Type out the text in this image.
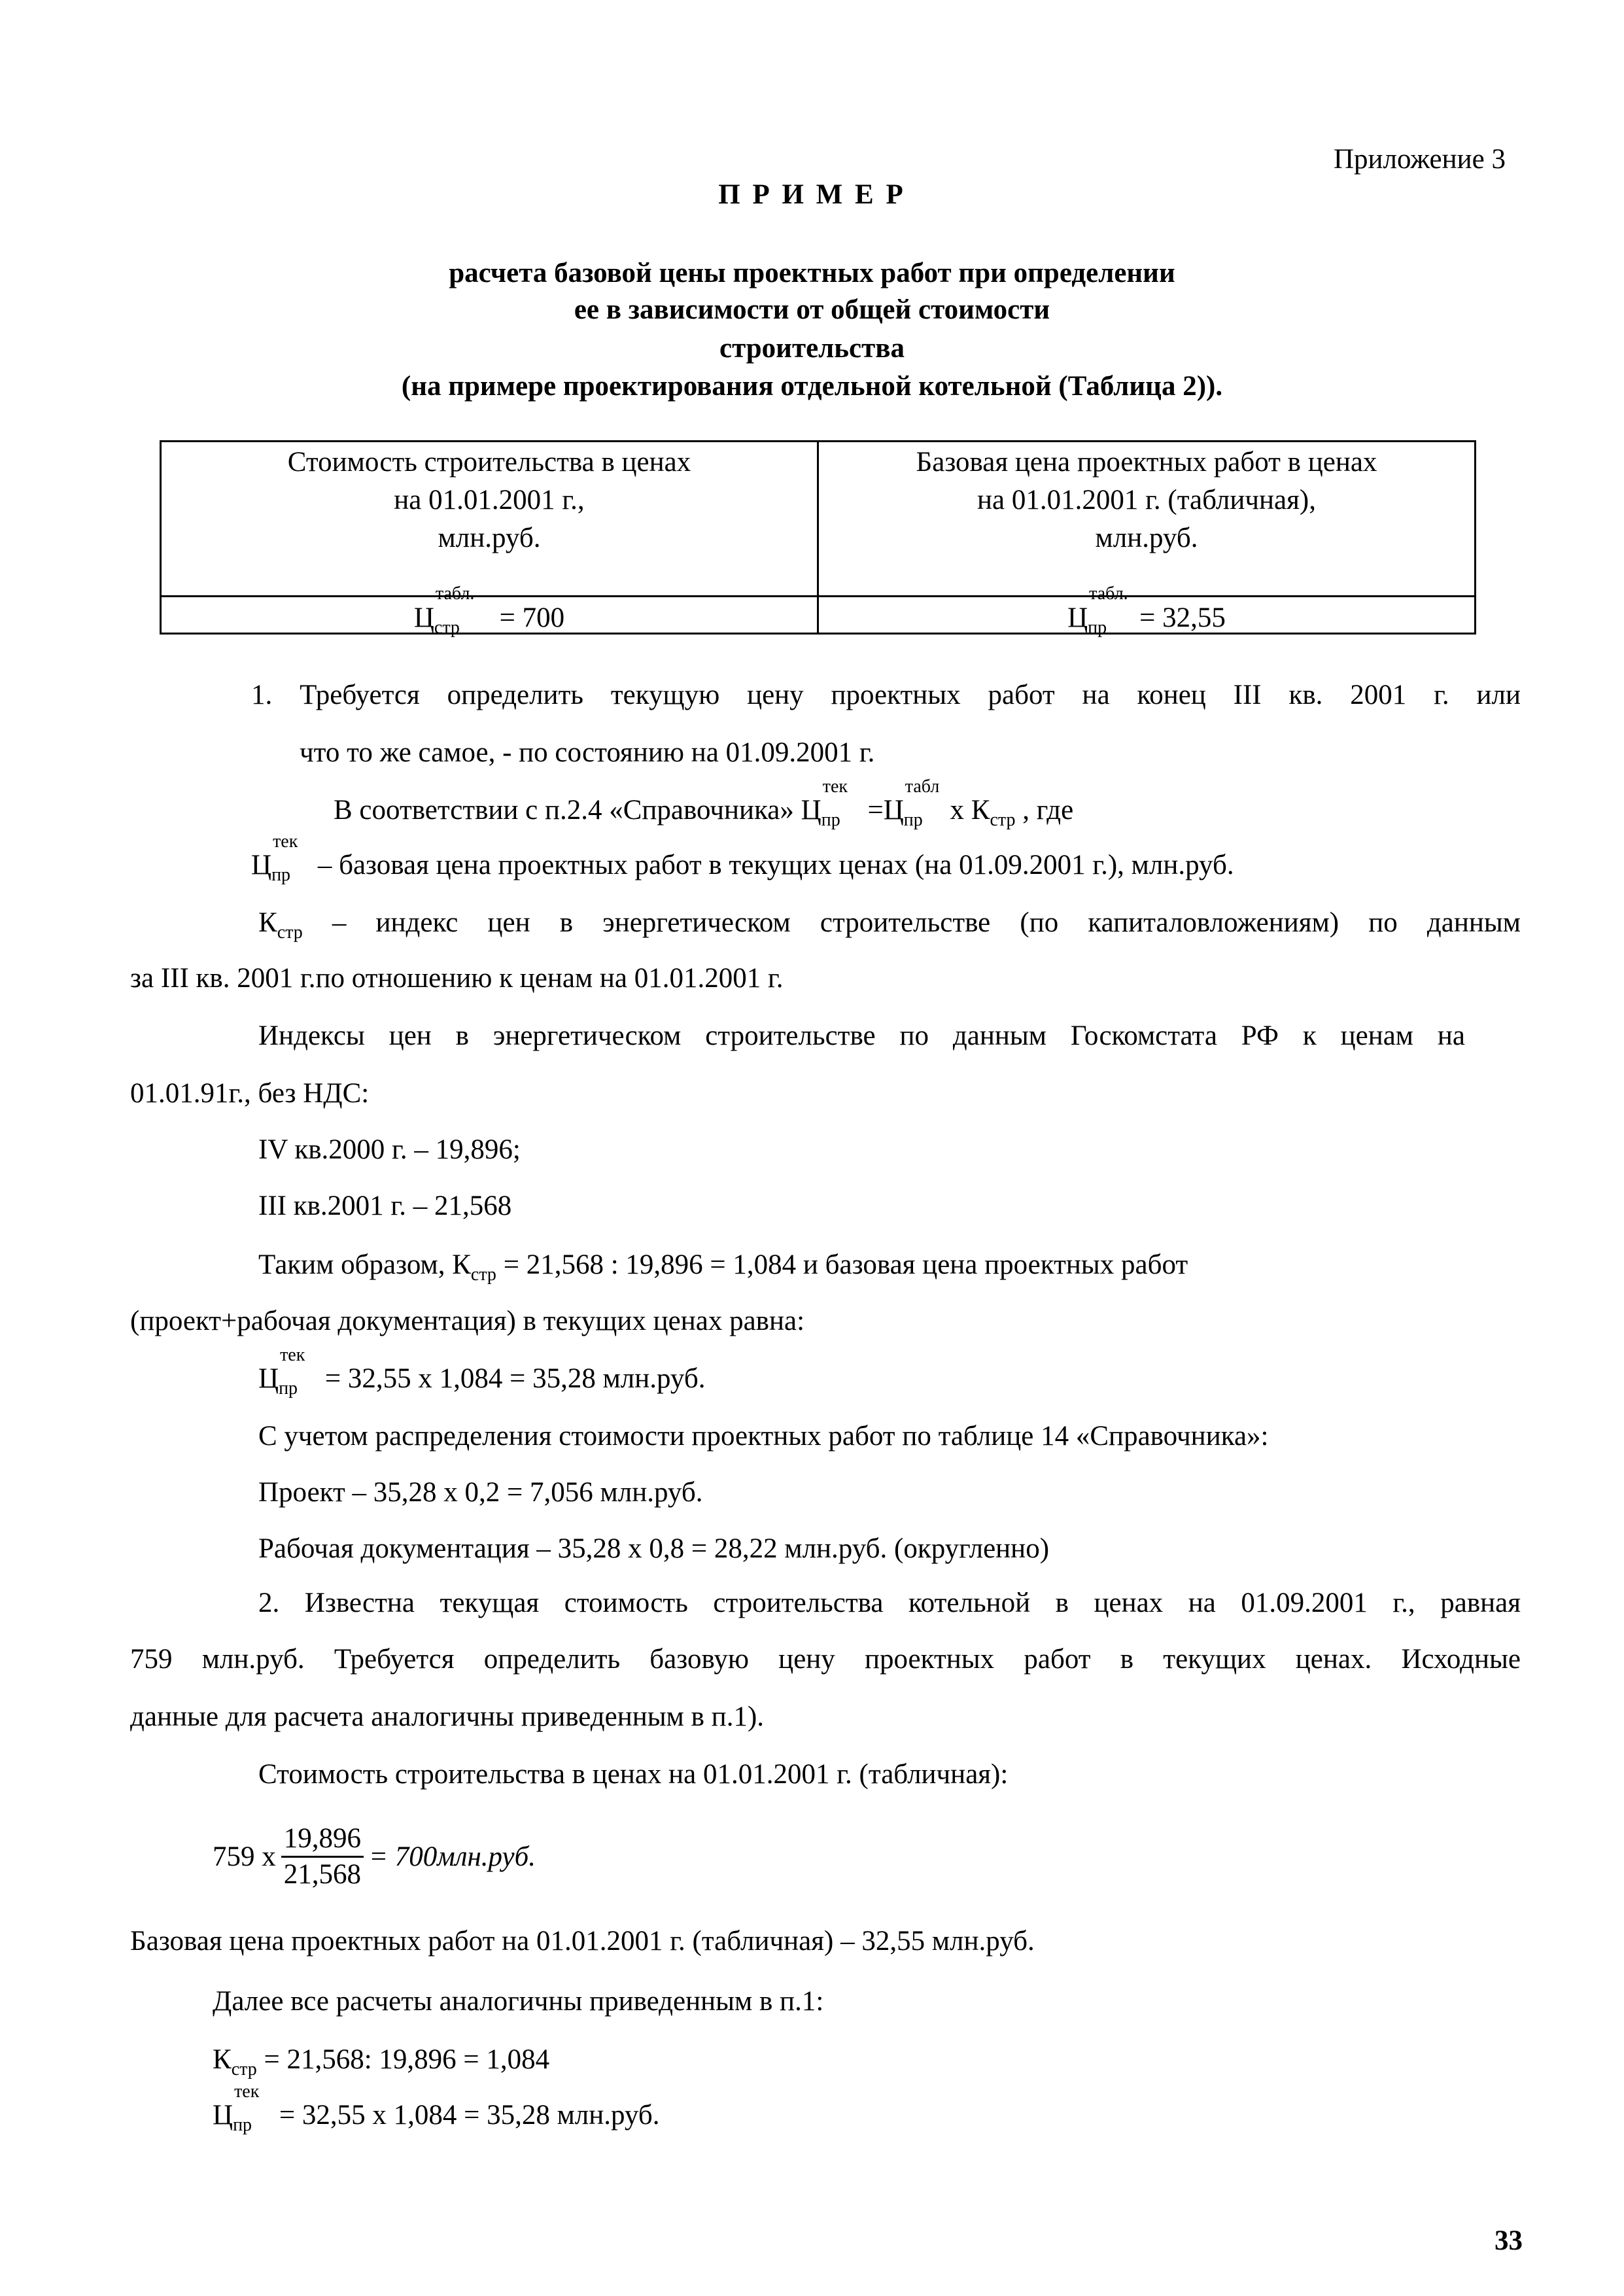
Приложение 3
П Р И М Е Р
расчета базовой цены проектных работ при определении
ее в зависимости от общей стоимости
строительства
(на примере проектирования отдельной котельной (Таблица 2)).
Стоимость строительства в ценах
на 01.01.2001 г.,
млн.руб.
Базовая цена проектных работ в ценах
на 01.01.2001 г. (табличная),
млн.руб.
$Ц_{стр}$
табл.
= 700	$Ц_{пр}$
табл.
= 32,55
1. Требуется определить текущую цену проектных работ на конец III кв. 2001 г. или
что то же самое, - по состоянию на 01.09.2001 г.
В соответствии с п.2.4 «Справочника» $Ц_{пр}$
тек
$=Ц_{пр}$
табл
х $К_{стр}$ , где
$Ц_{пр}$
тек
– базовая цена проектных работ в текущих ценах (на 01.09.2001 г.), млн.руб.
$К_{стр}$ – индекс цен в энергетическом строительстве (по капиталовложениям) по данным
за III кв. 2001 г.по отношению к ценам на 01.01.2001 г.
Индексы цен в энергетическом строительстве по данным Госкомстата РФ к ценам на
01.01.91г., без НДС:
IV кв.2000 г. – 19,896;
III кв.2001 г. – 21,568
Таким образом, $К_{стр} = 21,568$ : 19,896 = 1,084 и базовая цена проектных работ
(проект+рабочая документация) в текущих ценах равна:
$Ц_{пр}$
тек
= 32,55 х 1,084 = 35,28 млн.руб.
С учетом распределения стоимости проектных работ по таблице 14 «Справочника»:
Проект – 35,28 х 0,2 = 7,056 млн.руб.
Рабочая документация – 35,28 х 0,8 = 28,22 млн.руб. (округленно)
2. Известна текущая стоимость строительства котельной в ценах на 01.09.2001 г., равная
759 млн.руб. Требуется определить базовую цену проектных работ в текущих ценах. Исходные
данные для расчета аналогичны приведенным в п.1).
Стоимость строительства в ценах на 01.01.2001 г. (табличная):
Базовая цена проектных работ на 01.01.2001 г. (табличная) – 32,55 млн.руб.
Далее все расчеты аналогичны приведенным в п.1:
$К_{стр} = 21,568$: 19,896 = 1,084
$Ц_{пр}$
тек
= 32,55 х 1,084 = 35,28 млн.руб.
759 х $\frac{19,896}{21,568} = 700$ млн.руб.
33
